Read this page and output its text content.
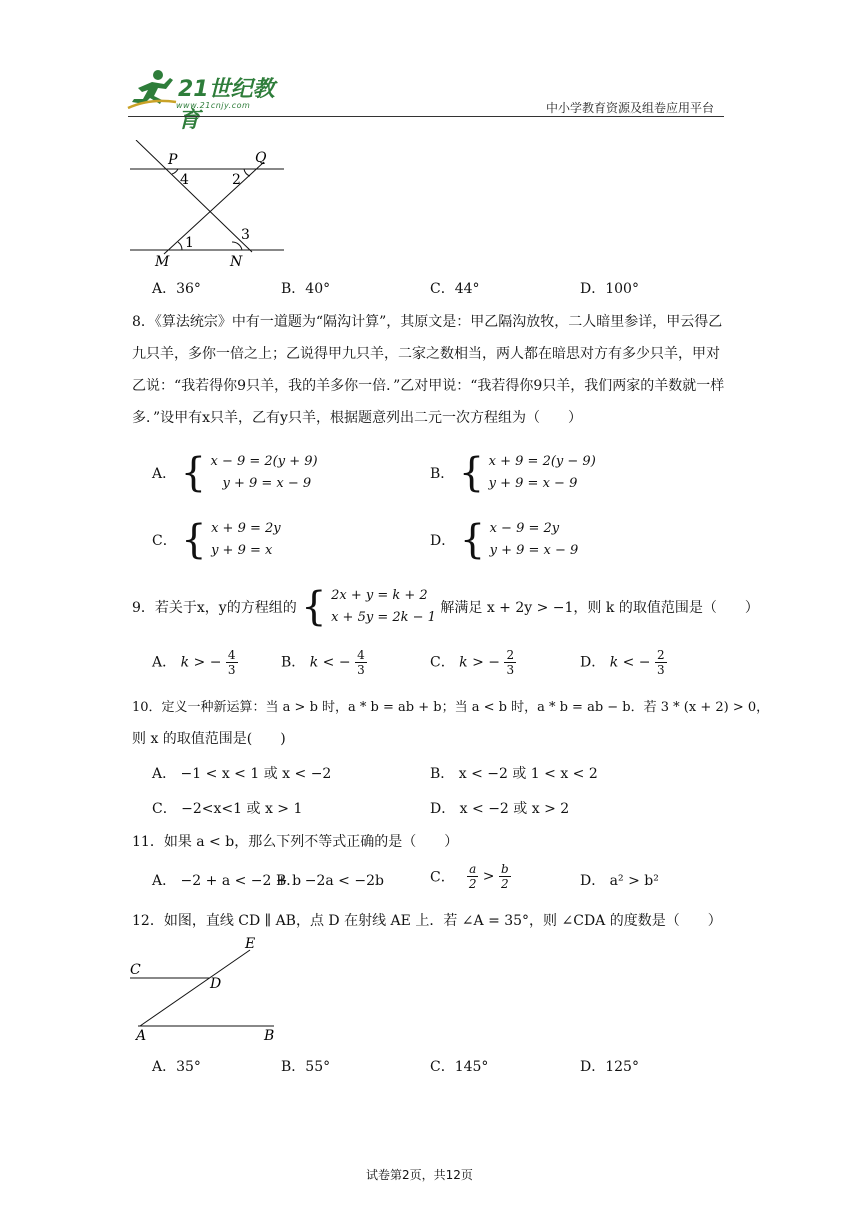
21世纪教育
www.21cnjy.com	中小学教育资源及组卷应用平台
P	Q
4	2
1	3
M	N
A．36°	B．40°	C．44°	D．100°
8．《算法统宗》中有一道题为“隔沟计算”，其原文是：甲乙隔沟放牧，二人暗里参详，甲云得乙九只羊，多你一倍之上；乙说得甲九只羊，二家之数相当，两人都在暗思对方有多少只羊，甲对乙说：“我若得你9只羊，我的羊多你一倍．”乙对甲说：“我若得你9只羊，我们两家的羊数就一样多．”设甲有x只羊，乙有y只羊，根据题意列出二元一次方程组为（　　）
A． { x − 9 = 2(y + 9)
y + 9 = x − 9
B． { x + 9 = 2(y − 9)
y + 9 = x − 9
C． { x + 9 = 2y
y + 9 = x
D． { x − 9 = 2y
y + 9 = x − 9
9．若关于x，y的方程组的 { 2x + y = k + 2
x + 5y = 2k − 1
解满足 x + 2y > −1，则 k 的取值范围是（　　）
A． k > − $\frac{4}{3}$	B． k < − $\frac{4}{3}$	C． k > − $\frac{2}{3}$	D． k < − $\frac{2}{3}$
10．定义一种新运算：当 a > b 时，a * b = ab + b；当 a < b 时，a * b = ab − b．若 3 * (x + 2) > 0，
则 x 的取值范围是(　　)
A． −1 < x < 1 或 x < −2	B． x < −2 或 1 < x < 2
C． −2<x<1 或 x > 1	D． x < −2 或 x > 2
11．如果 a < b，那么下列不等式正确的是（　　）
A． −2 + a < −2 + b
B． −2a < −2b	C． $\frac{a}{2} > \frac{b}{2}$	D． a² > b²
12．如图，直线 CD ∥ AB，点 D 在射线 AE 上．若 ∠A = 35°，则 ∠CDA 的度数是（　　）
E
C
D
A	B
A．35°	B．55°	C．145°	D．125°
试卷第2页，共12页
